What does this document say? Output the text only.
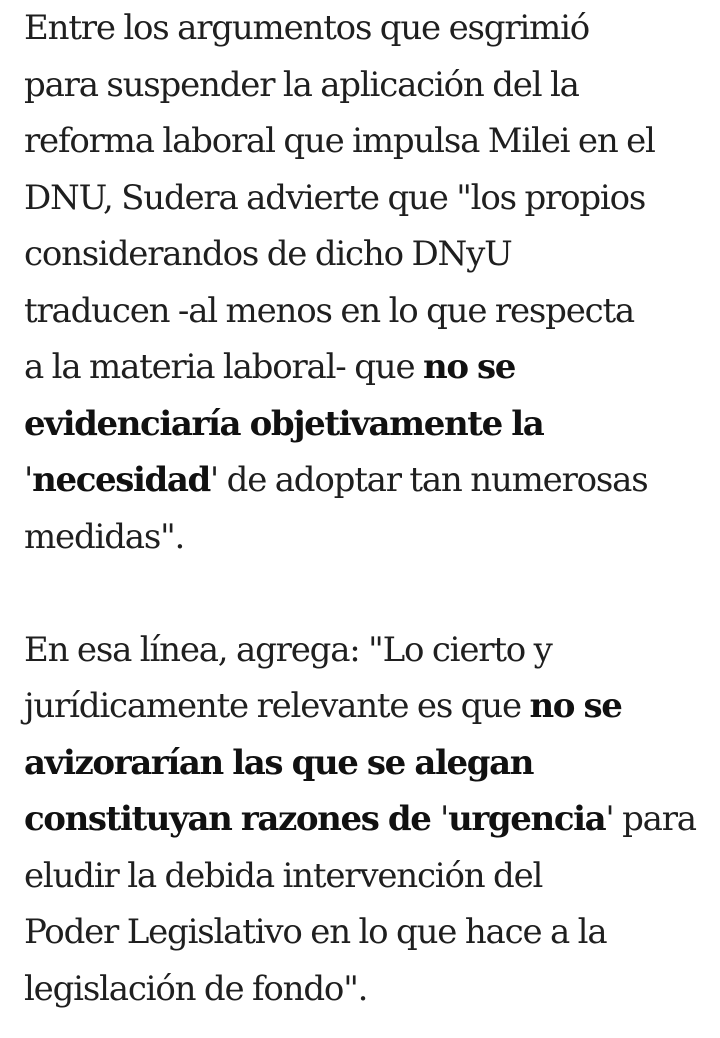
Entre los argumentos que esgrimió
para suspender la aplicación del la
reforma laboral que impulsa Milei en el
DNU, Sudera advierte que "los propios
considerandos de dicho DNyU
traducen -al menos en lo que respecta
a la materia laboral- que no se
evidenciaría objetivamente la
'necesidad' de adoptar tan numerosas
medidas".

En esa línea, agrega: "Lo cierto y
jurídicamente relevante es que no se
avizorarían las que se alegan
constituyan razones de 'urgencia' para
eludir la debida intervención del
Poder Legislativo en lo que hace a la
legislación de fondo".
